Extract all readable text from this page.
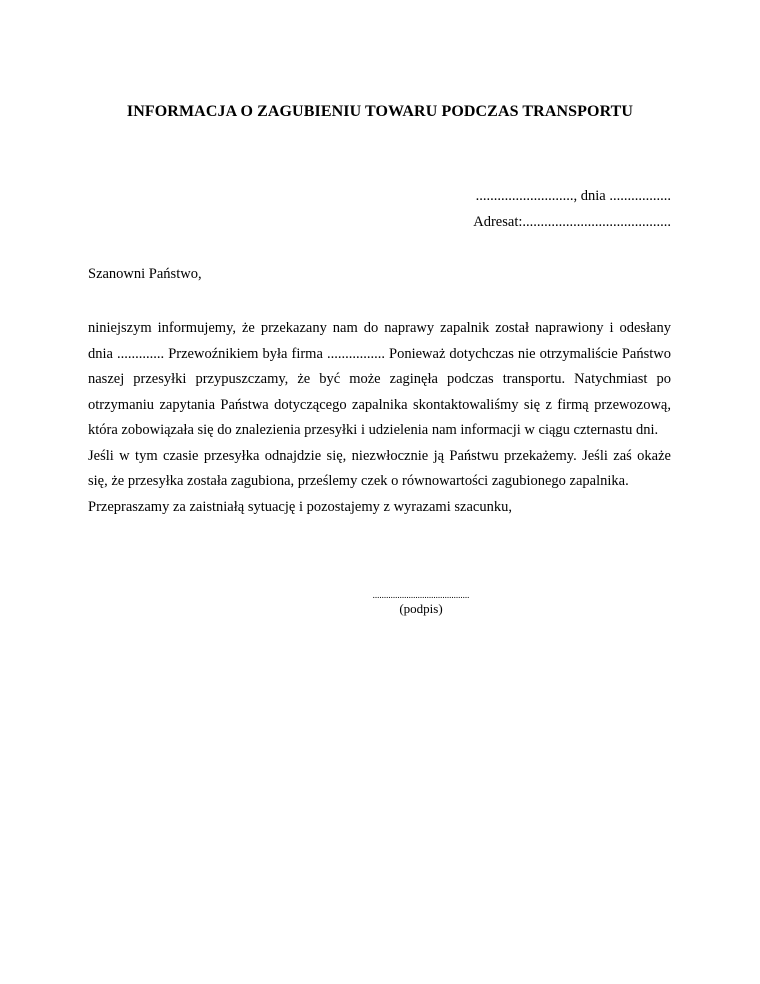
INFORMACJA O ZAGUBIENIU TOWARU PODCZAS TRANSPORTU
..........................., dnia .................
Adresat:.........................................
Szanowni Państwo,

niniejszym informujemy, że przekazany nam do naprawy zapalnik został naprawiony i odesłany dnia ............. Przewoźnikiem była firma ................ Ponieważ dotychczas nie otrzymaliście Państwo naszej przesyłki przypuszczamy, że być może zaginęła podczas transportu. Natychmiast po otrzymaniu zapytania Państwa dotyczącego zapalnika skontaktowaliśmy się z firmą przewozową, która zobowiązała się do znalezienia przesyłki i udzielenia nam informacji w ciągu czternastu dni.

Jeśli w tym czasie przesyłka odnajdzie się, niezwłocznie ją Państwu przekażemy. Jeśli zaś okaże się, że przesyłka została zagubiona, prześlemy czek o równowartości zagubionego zapalnika.

Przepraszamy za zaistniałą sytuację i pozostajemy z wyrazami szacunku,

...........................................
(podpis)
